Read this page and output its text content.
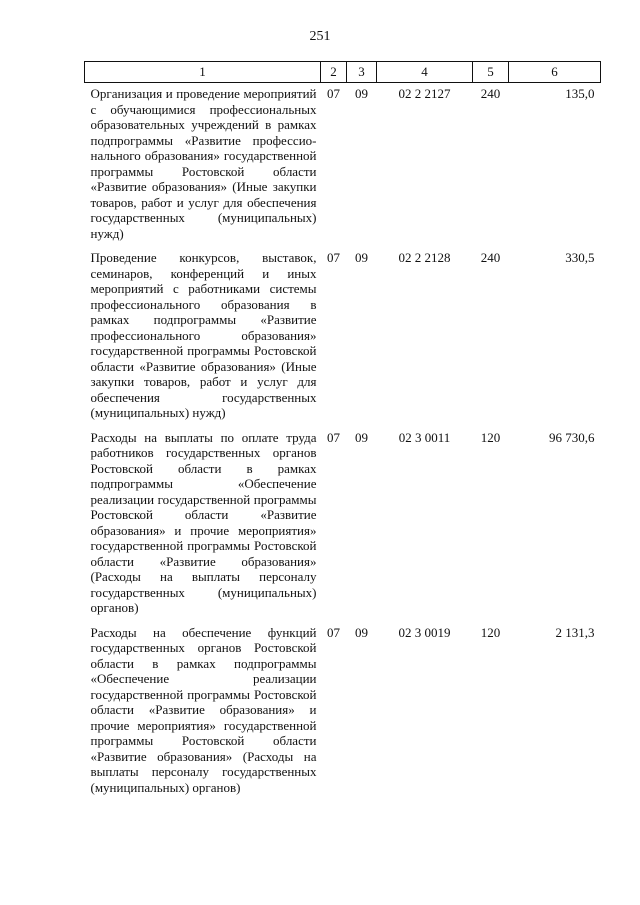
251
1	2	3	4	5	6
Организация и проведение мероприятий с обучающимися профессиональных образовательных учреждений в рамках подпрограммы «Развитие профессионального образования» государственной программы Ростовской области «Развитие образования» (Иные закупки товаров, работ и услуг для обеспечения государственных (муниципальных) нужд)	07	09	02 2 2127	240	135,0
Проведение конкурсов, выставок, семинаров, конференций и иных мероприятий с работниками системы профессионального образования в рамках подпрограммы «Развитие профессионального образования» государственной программы Ростовской области «Развитие образования» (Иные закупки товаров, работ и услуг для обеспечения государственных (муниципальных) нужд)	07	09	02 2 2128	240	330,5
Расходы на выплаты по оплате труда работников государственных органов Ростовской области в рамках подпрограммы «Обеспечение реализации государственной программы Ростовской области «Развитие образования» и прочие мероприятия» государственной программы Ростовской области «Развитие образования» (Расходы на выплаты персоналу государственных (муниципальных) органов)	07	09	02 3 0011	120	96 730,6
Расходы на обеспечение функций государственных органов Ростовской области в рамках подпрограммы «Обеспечение реализации государственной программы Ростовской области «Развитие образования» и прочие мероприятия» государственной программы Ростовской области «Развитие образования» (Расходы на выплаты персоналу государственных (муниципальных) органов)	07	09	02 3 0019	120	2 131,3
